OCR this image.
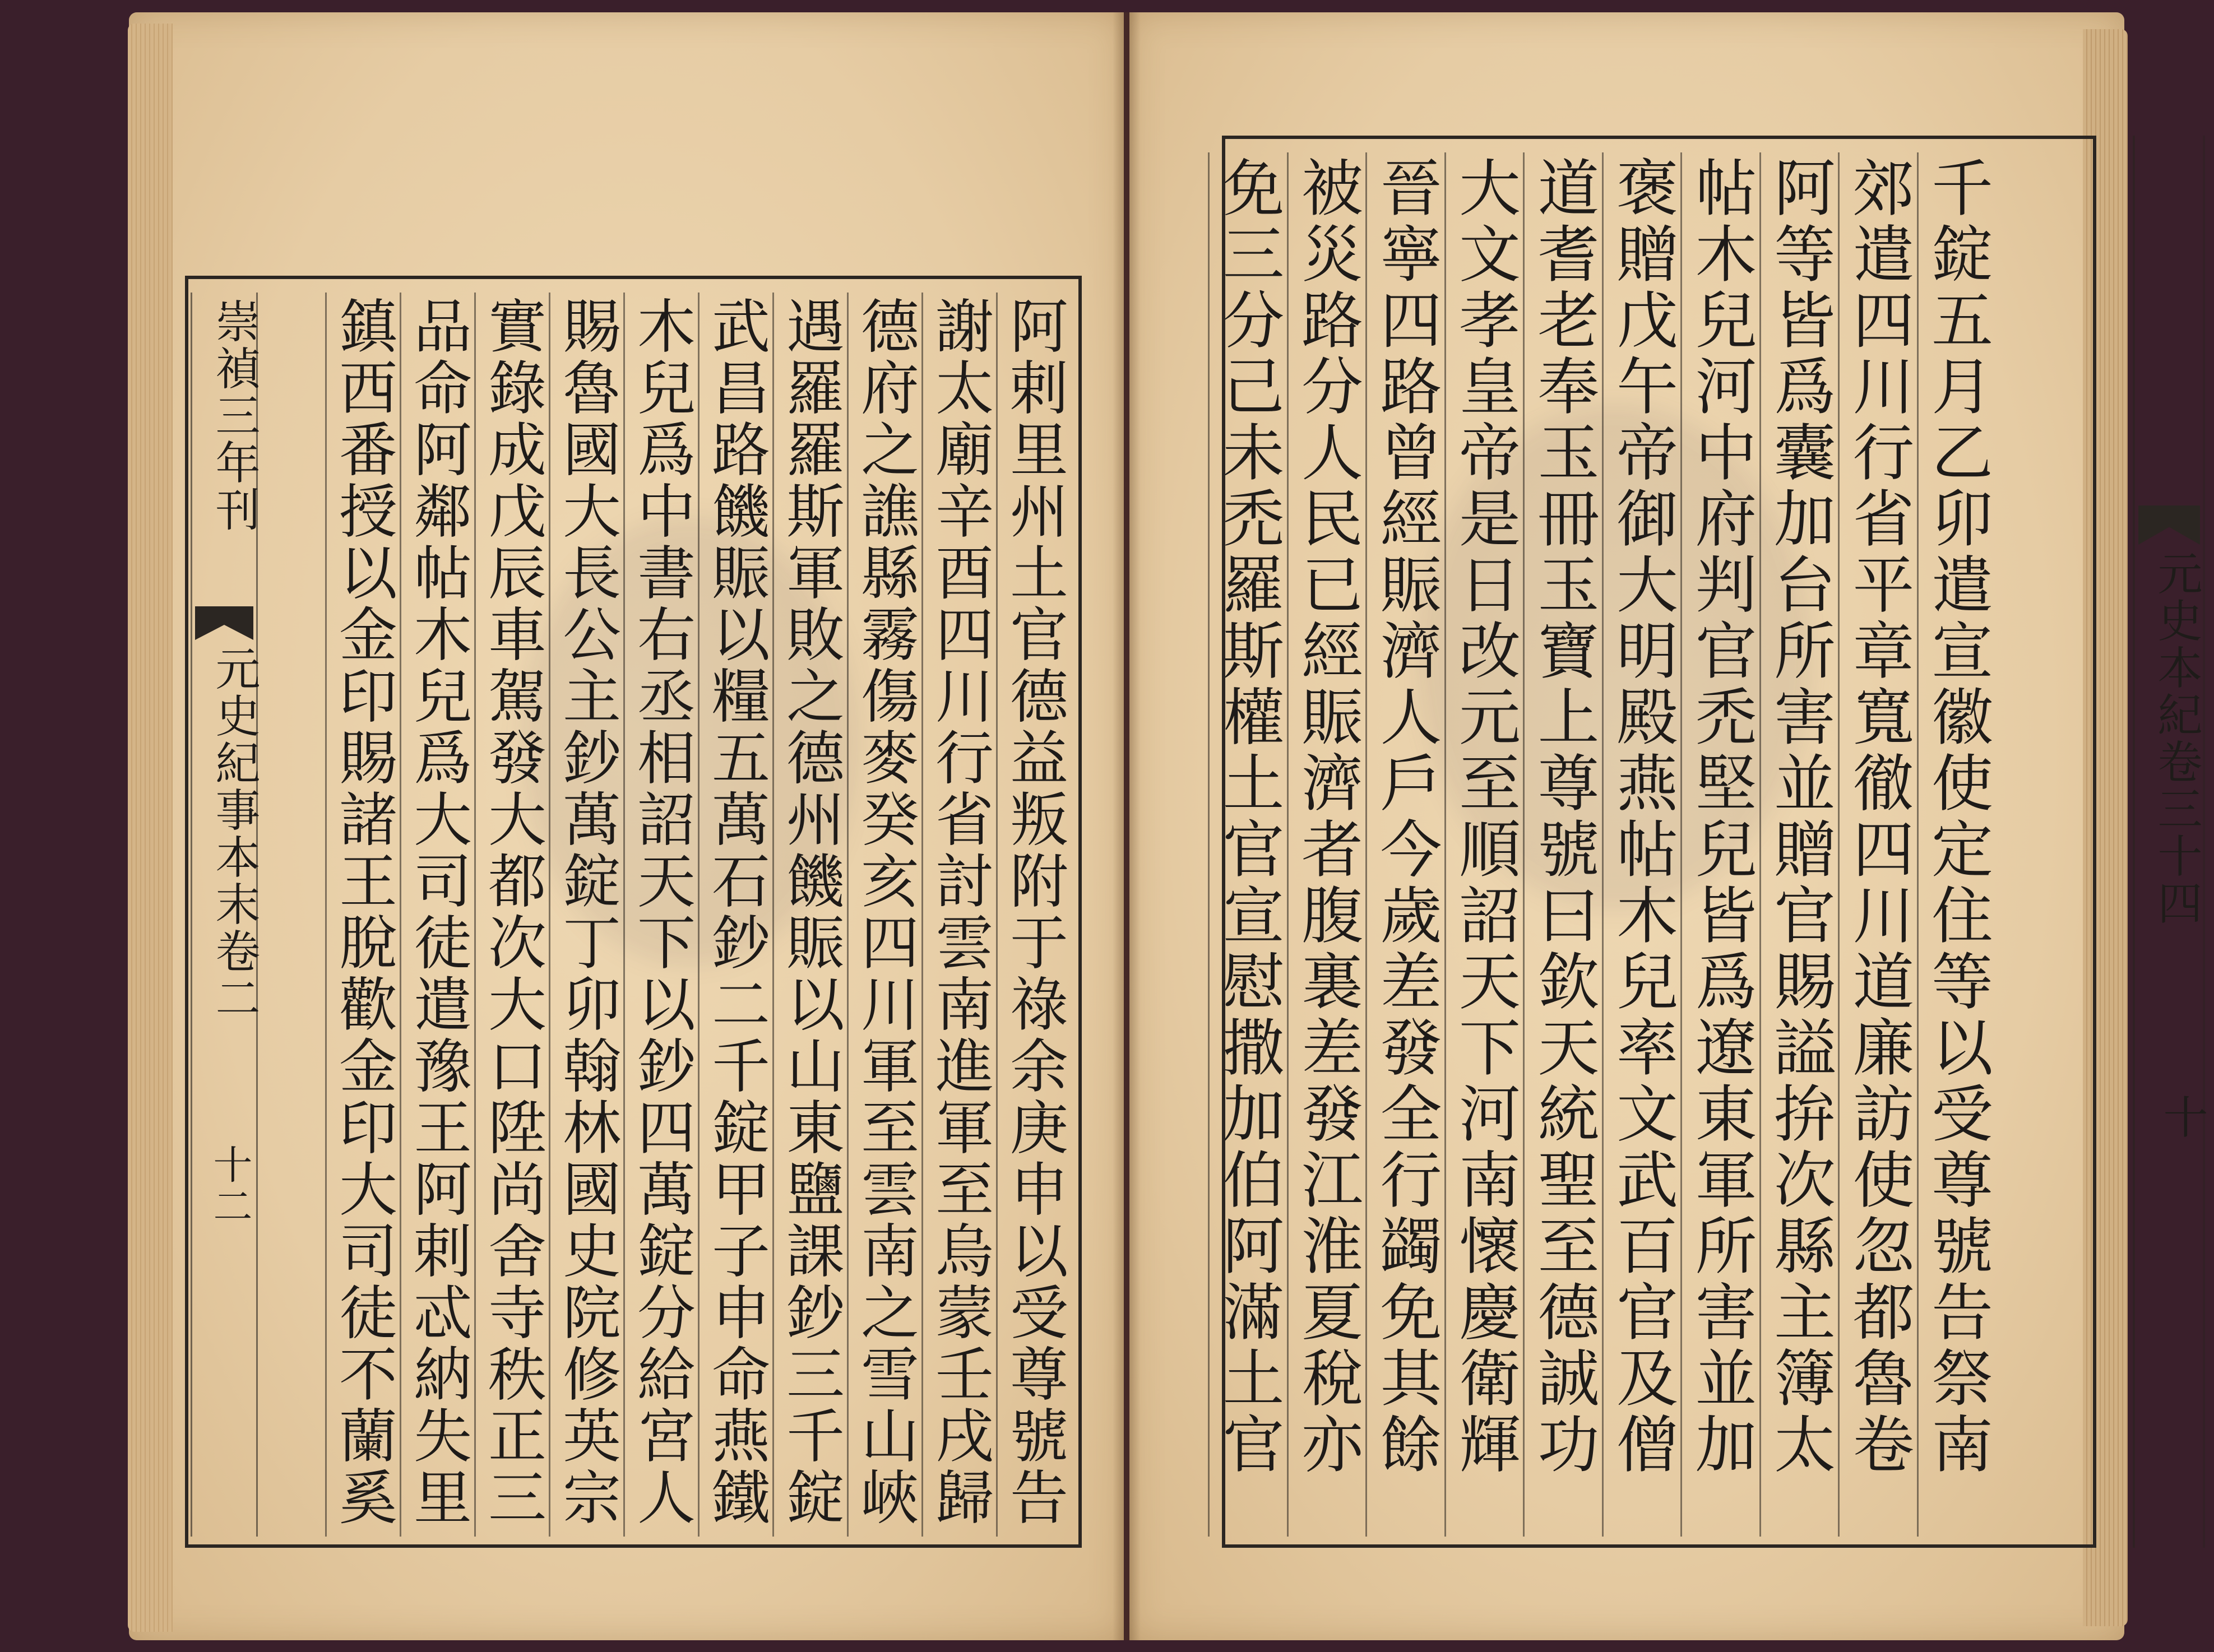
崇禎三年刊
元史紀事本末卷二
十二	阿剌里州土官德益叛附于祿余庚申以受尊號告
謝太廟辛酉四川行省討雲南進軍至烏蒙壬戌歸
德府之譙縣霧傷麥癸亥四川軍至雲南之雪山峽
遇羅羅斯軍敗之德州饑賑以山東鹽課鈔三千錠
武昌路饑賑以糧五萬石鈔二千錠甲子申命燕鐵
木兒爲中書右丞相詔天下以鈔四萬錠分給宮人
賜魯國大長公主鈔萬錠丁卯翰林國史院修英宗
實錄成戊辰車駕發大都次大口陞尚舍寺秩正三
品命阿鄰帖木兒爲大司徒遣豫王阿剌忒納失里
鎮西番授以金印賜諸王脫歡金印大司徒不蘭奚	元史本紀卷三十四
十
千錠五月乙卯遣宣徽使定住等以受尊號告祭南
郊遣四川行省平章寬徹四川道廉訪使忽都魯卷
阿等皆爲囊加台所害並贈官賜謚拚次縣主簿太
帖木兒河中府判官禿堅兒皆爲遼東軍所害並加
褒贈戊午帝御大明殿燕帖木兒率文武百官及僧
道耆老奉玉冊玉寶上尊號曰欽天統聖至德誠功
大文孝皇帝是日改元至順詔天下河南懷慶衛輝
晉寧四路曾經賑濟人戶今歲差發全行蠲免其餘
被災路分人民已經賑濟者腹裏差發江淮夏稅亦
免三分己未禿羅斯權土官宣慰撒加伯阿滿土官
